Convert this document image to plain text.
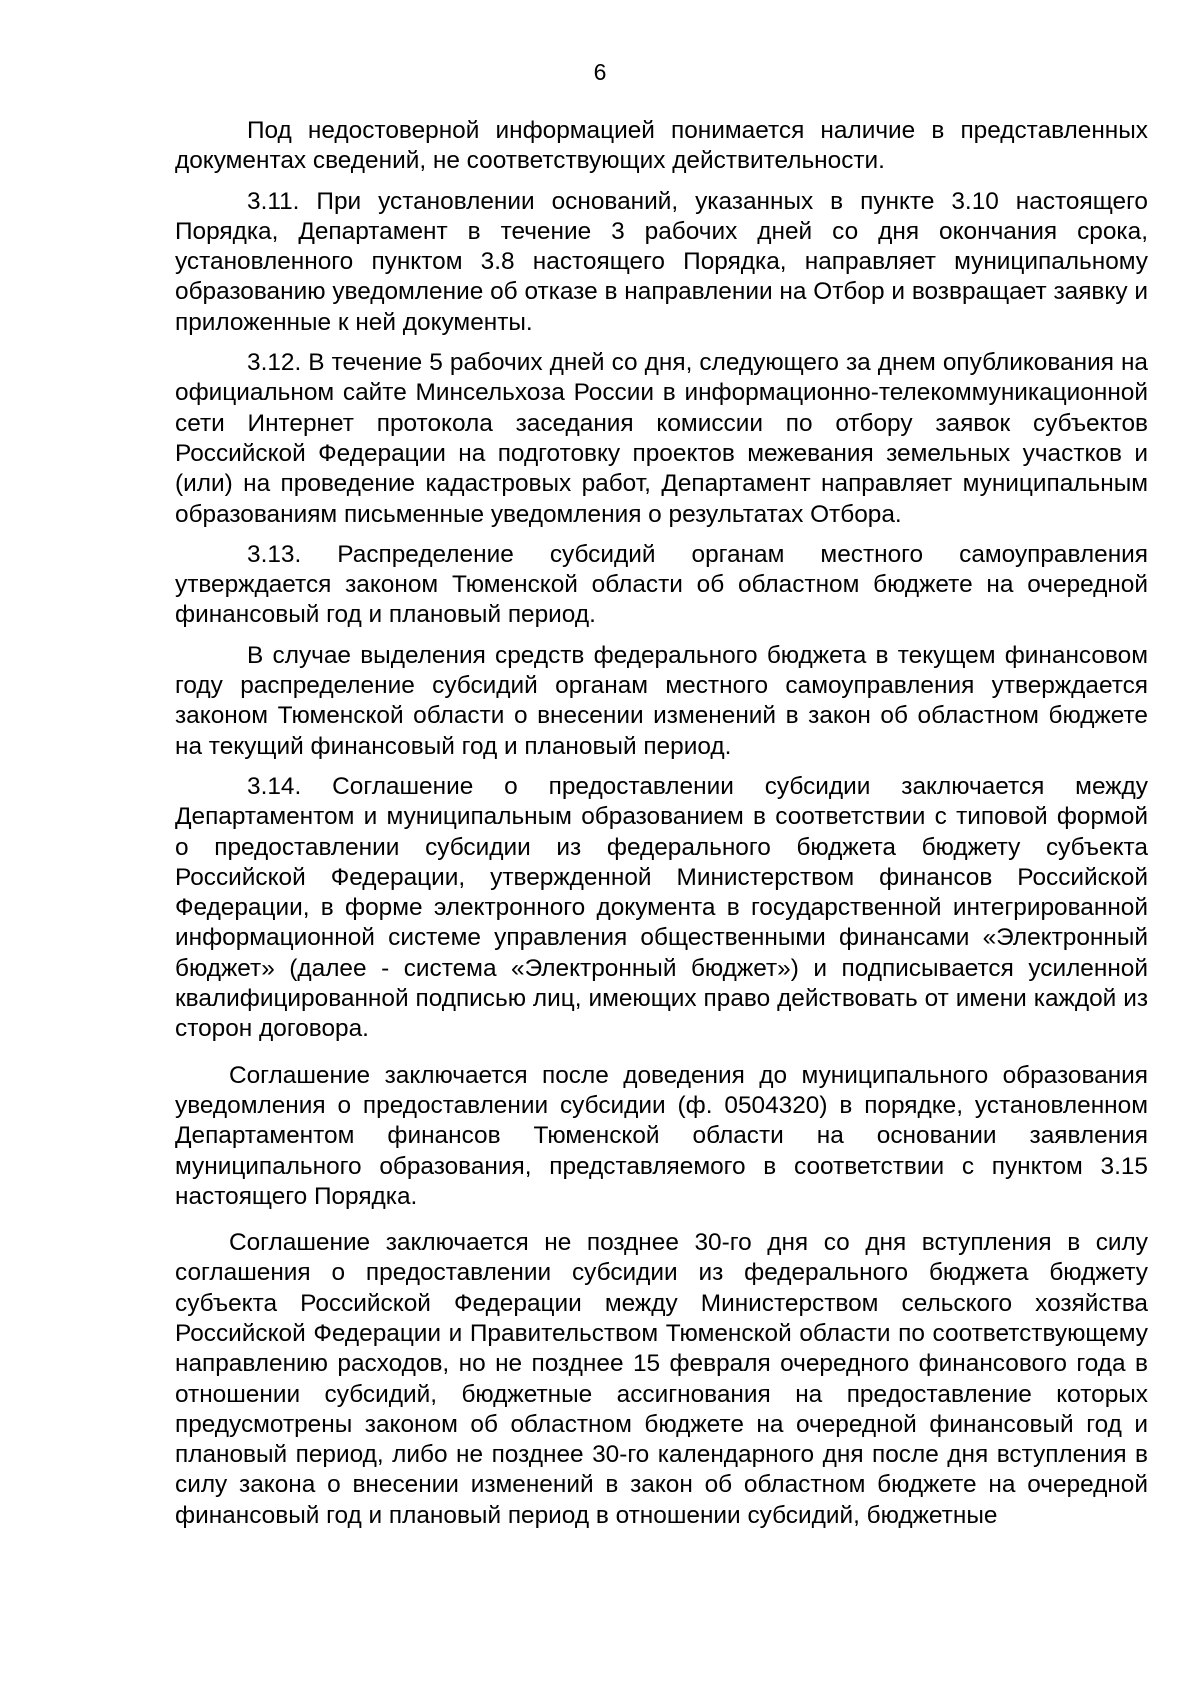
6

Под недостоверной информацией понимается наличие в представленных документах сведений, не соответствующих действительности.

3.11. При установлении оснований, указанных в пункте 3.10 настоящего Порядка, Департамент в течение 3 рабочих дней со дня окончания срока, установленного пунктом 3.8 настоящего Порядка, направляет муниципальному образованию уведомление об отказе в направлении на Отбор и возвращает заявку и приложенные к ней документы.

3.12. В течение 5 рабочих дней со дня, следующего за днем опубликования на официальном сайте Минсельхоза России в информационно-телекоммуникационной сети Интернет протокола заседания комиссии по отбору заявок субъектов Российской Федерации на подготовку проектов межевания земельных участков и (или) на проведение кадастровых работ, Департамент направляет муниципальным образованиям письменные уведомления о результатах Отбора.

3.13. Распределение субсидий органам местного самоуправления утверждается законом Тюменской области об областном бюджете на очередной финансовый год и плановый период.

В случае выделения средств федерального бюджета в текущем финансовом году распределение субсидий органам местного самоуправления утверждается законом Тюменской области о внесении изменений в закон об областном бюджете на текущий финансовый год и плановый период.

3.14. Соглашение о предоставлении субсидии заключается между Департаментом и муниципальным образованием в соответствии с типовой формой о предоставлении субсидии из федерального бюджета бюджету субъекта Российской Федерации, утвержденной Министерством финансов Российской Федерации, в форме электронного документа в государственной интегрированной информационной системе управления общественными финансами «Электронный бюджет» (далее - система «Электронный бюджет») и подписывается усиленной квалифицированной подписью лиц, имеющих право действовать от имени каждой из сторон договора.

Соглашение заключается после доведения до муниципального образования уведомления о предоставлении субсидии (ф. 0504320) в порядке, установленном Департаментом финансов Тюменской области на основании заявления муниципального образования, представляемого в соответствии с пунктом 3.15 настоящего Порядка.

Соглашение заключается не позднее 30-го дня со дня вступления в силу соглашения о предоставлении субсидии из федерального бюджета бюджету субъекта Российской Федерации между Министерством сельского хозяйства Российской Федерации и Правительством Тюменской области по соответствующему направлению расходов, но не позднее 15 февраля очередного финансового года в отношении субсидий, бюджетные ассигнования на предоставление которых предусмотрены законом об областном бюджете на очередной финансовый год и плановый период, либо не позднее 30-го календарного дня после дня вступления в силу закона о внесении изменений в закон об областном бюджете на очередной финансовый год и плановый период в отношении субсидий, бюджетные
